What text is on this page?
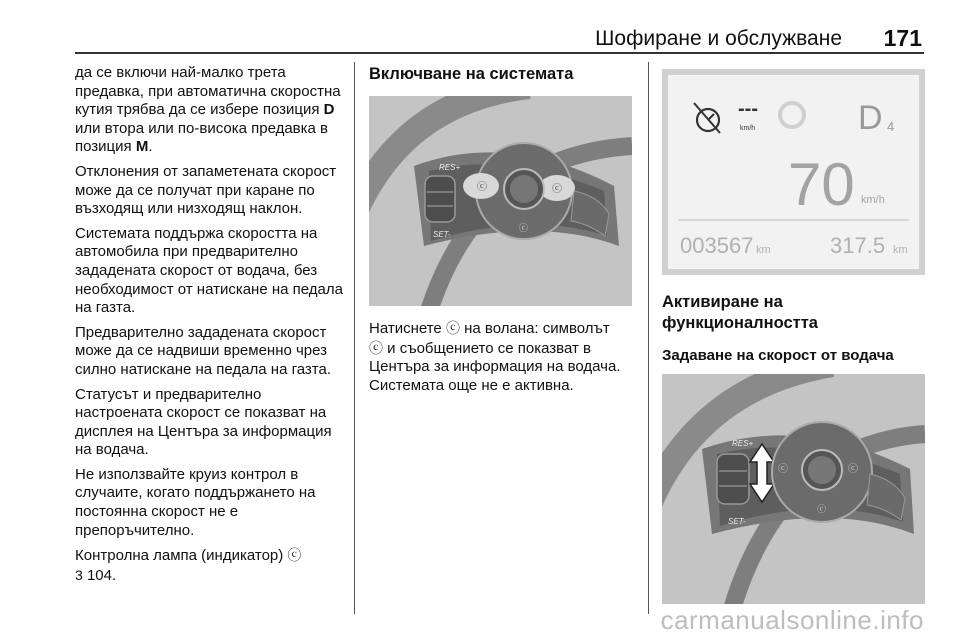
Шофиране и обслужване 171

да се включи най-малко трета предавка, при автоматична скоростна кутия трябва да се избере позиция D или втора или по-висока предавка в позиция M.

Отклонения от запаметената скорост може да се получат при каране по възходящ или низходящ наклон.

Системата поддържа скоростта на автомобила при предварително зададената скорост от водача, без необходимост от натискане на педала на газта.

Предварително зададената скорост може да се надвиши временно чрез силно натискане на педала на газта.

Статусът и предварително настроената скорост се показват на дисплея на Центъра за информация на водача.

Не използвайте круиз контрол в случаите, когато поддържането на постоянна скорост не е препоръчително.

Контролна лампа (индикатор) ⓒ
3 104.

Включване на системата
ⓒ	ⓒ
ⓒ
RES+
SET-

Натиснете ⓒ на волана: символът
ⓒ и съобщението се показват в Центъра за информация на водача. Системата още не е активна.

---
km/h	D 4
70 km/h
003567 km	317.5 km
Активиране на функционалността
Задаване на скорост от водача
ⓒ	ⓒ
ⓒ
RES+
SET-
carmanualsonline.info
